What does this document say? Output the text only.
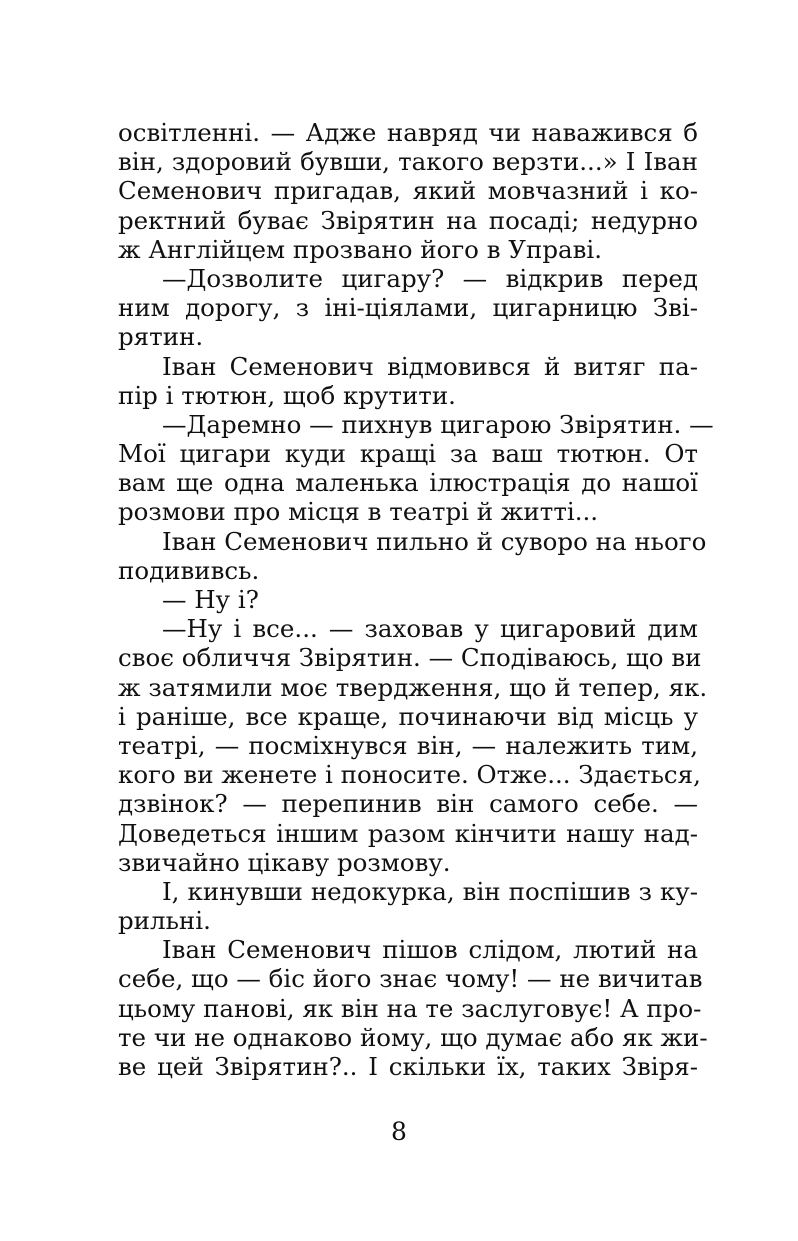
освітленні. — Адже навряд чи наважився б
він, здоровий бувши, такого верзти...» І Іван
Семенович пригадав, який мовчазний і ко-
ректний буває Звірятин на посаді; недурно
ж Англійцем прозвано його в Управі.
—Дозволите цигару? — відкрив перед
ним дорогу, з іні-ціялами, цигарницю Зві-
рятин.
Іван Семенович відмовився й витяг па-
пір і тютюн, щоб крутити.
—Даремно — пихнув цигарою Звірятин. —
Мої цигари куди кращі за ваш тютюн. От
вам ще одна маленька ілюстрація до нашої
розмови про місця в театрі й житті...
Іван Семенович пильно й суворо на нього
подививсь.
— Ну і?
—Ну і все... — заховав у цигаровий дим
своє обличчя Звірятин. — Сподіваюсь, що ви
ж затямили моє твердження, що й тепер, як.
і раніше, все краще, починаючи від місць у
театрі, — посміхнувся він, — належить тим,
кого ви женете і поносите. Отже... Здається,
дзвінок? — перепинив він самого себе. —
Доведеться іншим разом кінчити нашу над-
звичайно цікаву розмову.
І, кинувши недокурка, він поспішив з ку-
рильні.
Іван Семенович пішов слідом, лютий на
себе, що — біс його знає чому! — не вичитав
цьому панові, як він на те заслуговує! А про-
те чи не однаково йому, що думає або як жи-
ве цей Звірятин?.. І скільки їх, таких Звіря-
8
